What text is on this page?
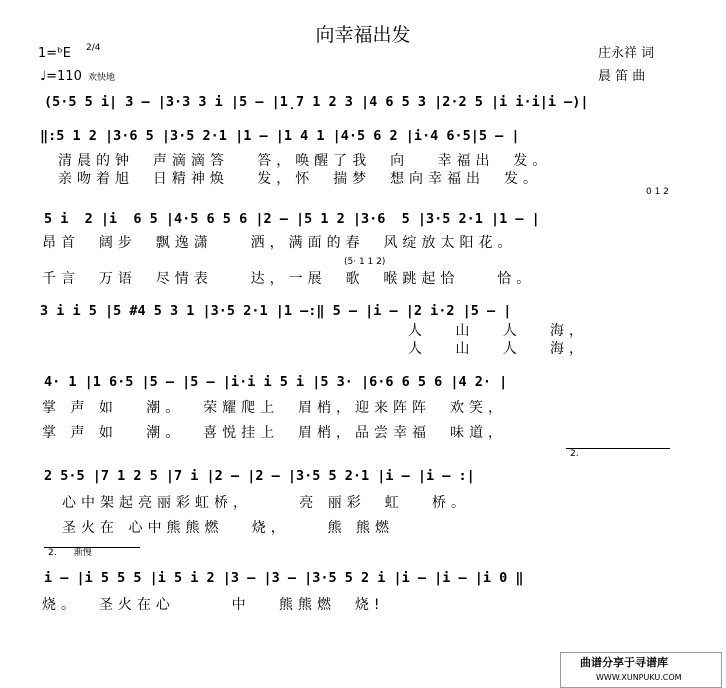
向幸福出发
1=ᵇE 2/4
♩=110 欢快地
庄永祥 词
晨 笛 曲
(5·5 5 i| 3 – |3·3 3 i |5 – |1̣7 1 2 3 |4 6 5 3 |2·2 5 |i i·i|i –)|
‖:5 1 2 |3·6 5 |3·5 2·1 |1 – |1 4 1 |4·5 6 2 |i·4 6·5|5 – |
0 1 2
清晨的钟  声滴滴答   答，唤醒了我  向   幸福出  发。
亲吻着旭  日精神焕   发，怀  揣梦  想向幸福出  发。
5 i  2 |i  6 5 |4·5 6 5 6 |2 – |5 1 2 |3·6  5 |3·5 2·1 |1 – |
昂首  阔步  飘逸潇    洒，满面的春  风绽放太阳花。
(5· 1 1 2)
千言  万语  尽情表    达，一展  歌  喉跳起恰    恰。
3 i i 5 |5 #4 5 3 1 |3·5 2·1 |1 –:‖ 5 – |i – |2 i·2 |5 – |
人   山   人   海，
人   山   人   海，
4· 1 |1 6·5 |5 – |5 – |i·i i 5 i |5 3· |6·6 6 5 6 |4 2· |
掌 声 如   潮。  荣耀爬上  眉梢，迎来阵阵  欢笑，
掌 声 如   潮。  喜悦挂上  眉梢，品尝幸福  味道，
2.
2 5·5 |7 1 2 5 |7 i |2 – |2 – |3·5 5 2·1 |i – |i – :|
心中架起亮丽彩虹桥，     亮 丽彩  虹   桥。
圣火在 心中熊熊燃   烧，    熊 熊燃
2.      渐慢
i – |i 5 5 5 |i 5 i 2 |3 – |3 – |3·5 5 2 i |i – |i – |i 0 ‖
烧。  圣火在心      中   熊熊燃  烧!
曲谱分享于寻谱库
WWW.XUNPUKU.COM
